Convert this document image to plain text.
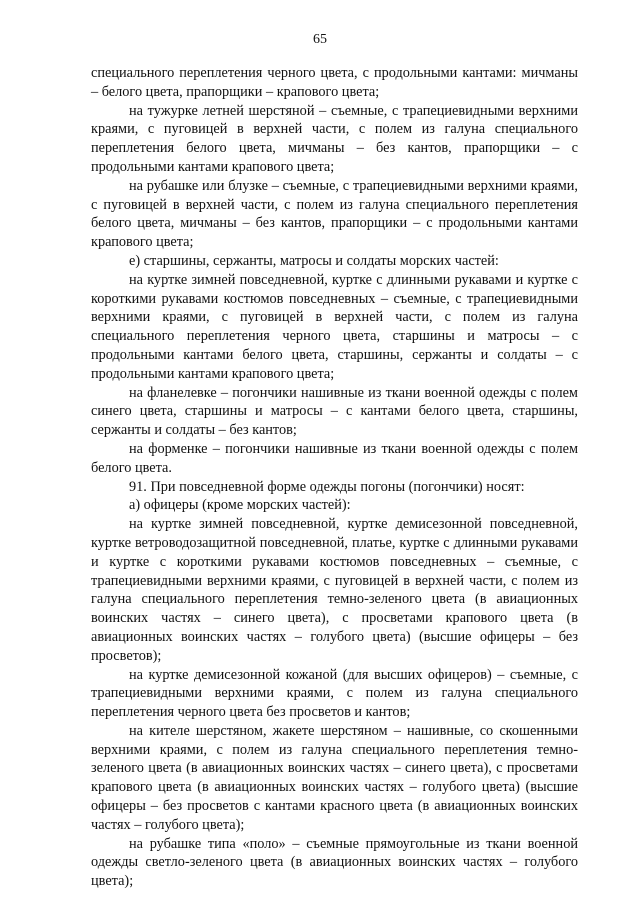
65

специального переплетения черного цвета, с продольными кантами: мичманы – белого цвета, прапорщики – крапового цвета;

на тужурке летней шерстяной – съемные, с трапециевидными верхними краями, с пуговицей в верхней части, с полем из галуна специального переплетения белого цвета, мичманы – без кантов, прапорщики – с продольными кантами крапового цвета;

на рубашке или блузке – съемные, с трапециевидными верхними краями, с пуговицей в верхней части, с полем из галуна специального переплетения белого цвета, мичманы – без кантов, прапорщики – с продольными кантами крапового цвета;

е) старшины, сержанты, матросы и солдаты морских частей:

на куртке зимней повседневной, куртке с длинными рукавами и куртке с короткими рукавами костюмов повседневных – съемные, с трапециевидными верхними краями, с пуговицей в верхней части, с полем из галуна специального переплетения черного цвета, старшины и матросы – с продольными кантами белого цвета, старшины, сержанты и солдаты – с продольными кантами крапового цвета;

на фланелевке – погончики нашивные из ткани военной одежды с полем синего цвета, старшины и матросы – с кантами белого цвета, старшины, сержанты и солдаты – без кантов;

на форменке – погончики нашивные из ткани военной одежды с полем белого цвета.

91. При повседневной форме одежды погоны (погончики) носят:

а) офицеры (кроме морских частей):

на куртке зимней повседневной, куртке демисезонной повседневной, куртке ветроводозащитной повседневной, платье, куртке с длинными рукавами и куртке с короткими рукавами костюмов повседневных – съемные, с трапециевидными верхними краями, с пуговицей в верхней части, с полем из галуна специального переплетения темно-зеленого цвета (в авиационных воинских частях – синего цвета), с просветами крапового цвета (в авиационных воинских частях – голубого цвета) (высшие офицеры – без просветов);

на куртке демисезонной кожаной (для высших офицеров) – съемные, с трапециевидными верхними краями, с полем из галуна специального переплетения черного цвета без просветов и кантов;

на кителе шерстяном, жакете шерстяном – нашивные, со скошенными верхними краями, с полем из галуна специального переплетения темно-зеленого цвета (в авиационных воинских частях – синего цвета), с просветами крапового цвета (в авиационных воинских частях – голубого цвета) (высшие офицеры – без просветов с кантами красного цвета (в авиационных воинских частях – голубого цвета);

на рубашке типа «поло» – съемные прямоугольные из ткани военной одежды светло-зеленого цвета (в авиационных воинских частях – голубого цвета);
